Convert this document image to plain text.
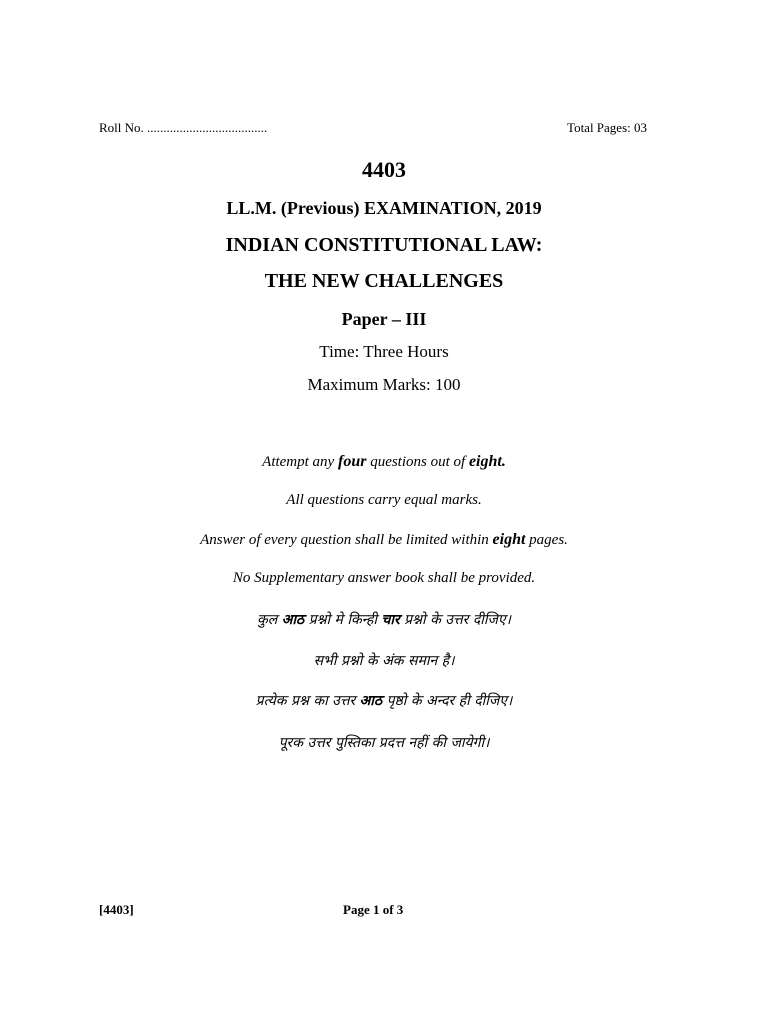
Roll No. .....................................	Total Pages: 03
4403
LL.M. (Previous) EXAMINATION, 2019
INDIAN CONSTITUTIONAL LAW:
THE NEW CHALLENGES
Paper – III
Time: Three Hours
Maximum Marks: 100
Attempt any four questions out of eight.
All questions carry equal marks.
Answer of every question shall be limited within eight pages.
No Supplementary answer book shall be provided.
कुल आठ प्रश्नो मे किन्ही चार प्रश्नो के उत्तर दीजिए।
सभी प्रश्नो के अंक समान है।
प्रत्येक प्रश्न का उत्तर आठ पृष्ठो के अन्दर ही दीजिए।
पूरक उत्तर पुस्तिका प्रदत्त नहीं की जायेगी।
[4403]	Page 1 of 3
